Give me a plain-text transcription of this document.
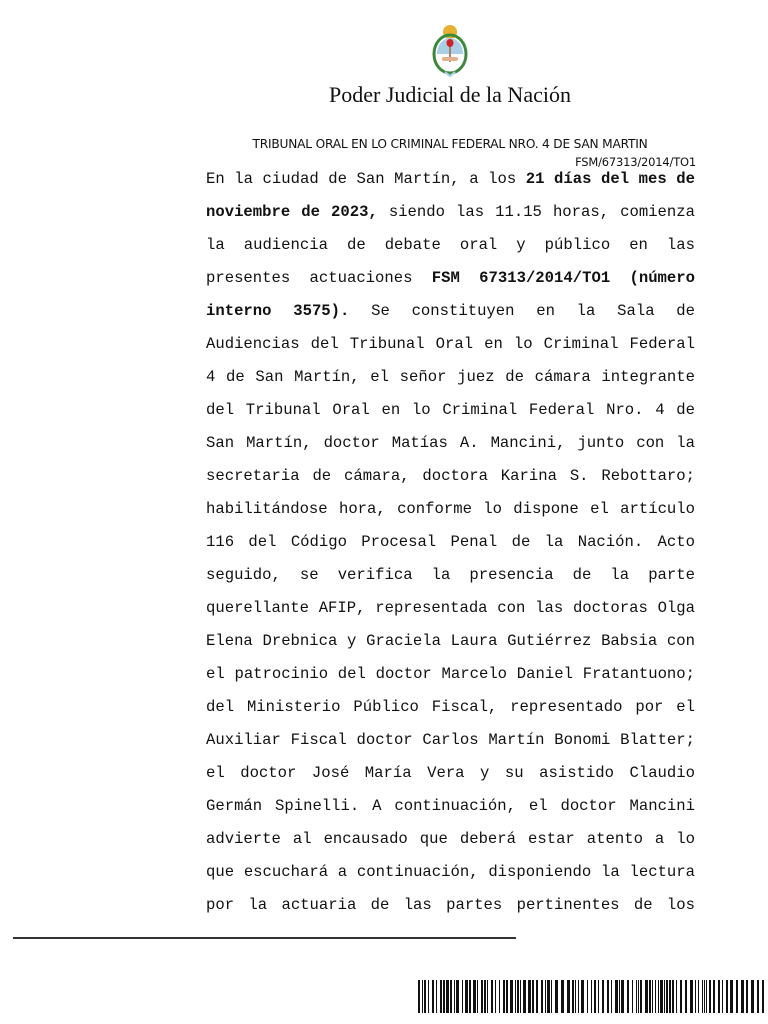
Poder Judicial de la Nación
TRIBUNAL ORAL EN LO CRIMINAL FEDERAL NRO. 4 DE SAN MARTIN
FSM/67313/2014/TO1
En la ciudad de San Martín, a los 21 días del mes de
noviembre de 2023, siendo las 11.15 horas, comienza
la audiencia de debate oral y público en las
presentes actuaciones FSM 67313/2014/TO1 (número
interno 3575). Se constituyen en la Sala de
Audiencias del Tribunal Oral en lo Criminal Federal
4 de San Martín, el señor juez de cámara integrante
del Tribunal Oral en lo Criminal Federal Nro. 4 de
San Martín, doctor Matías A. Mancini, junto con la
secretaria de cámara, doctora Karina S. Rebottaro;
habilitándose hora, conforme lo dispone el artículo
116 del Código Procesal Penal de la Nación. Acto
seguido, se verifica la presencia de la parte
querellante AFIP, representada con las doctoras Olga
Elena Drebnica y Graciela Laura Gutiérrez Babsia con
el patrocinio del doctor Marcelo Daniel Fratantuono;
del Ministerio Público Fiscal, representado por el
Auxiliar Fiscal doctor Carlos Martín Bonomi Blatter;
el doctor José María Vera y su asistido Claudio
Germán Spinelli. A continuación, el doctor Mancini
advierte al encausado que deberá estar atento a lo
que escuchará a continuación, disponiendo la lectura
por la actuaria de las partes pertinentes de los
